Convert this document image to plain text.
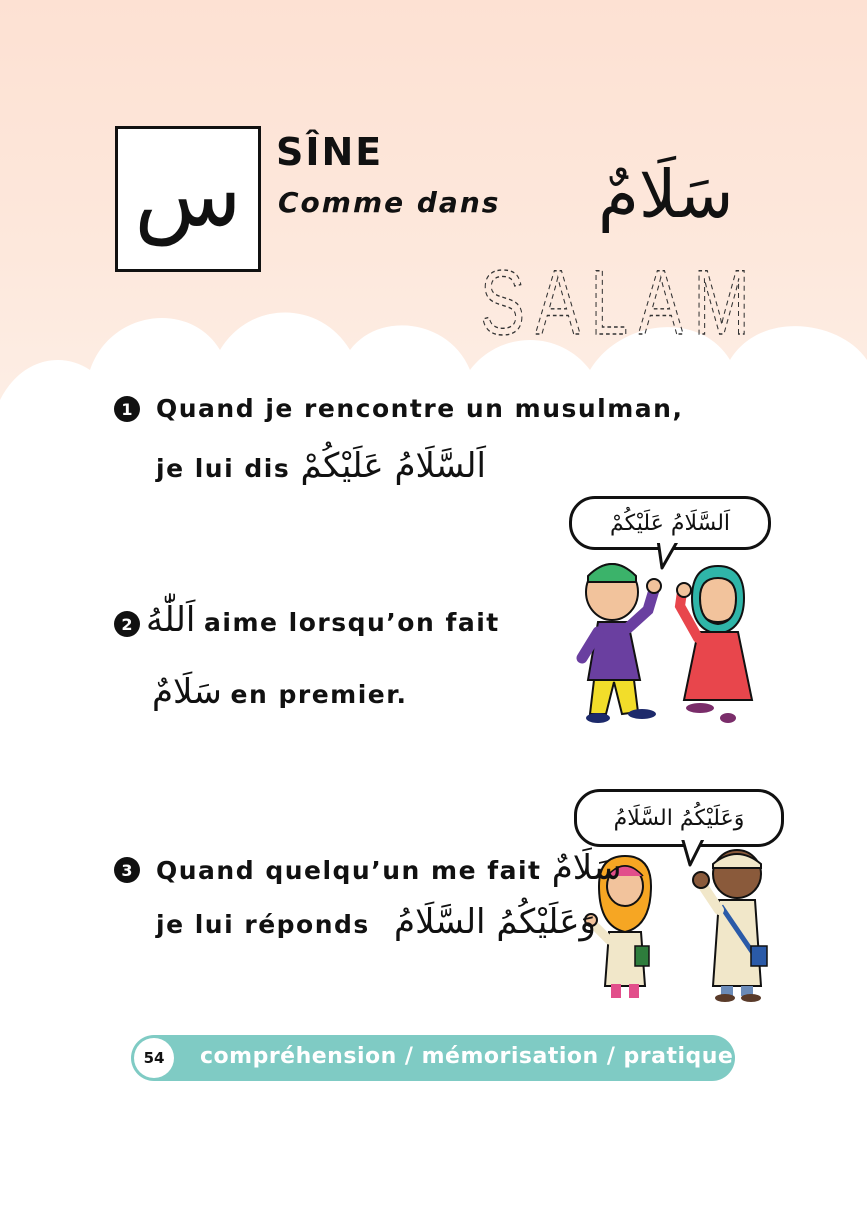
س SÎNE
Comme dans سَلَامٌ
SALAM
1 Quand je rencontre un musulman,
je lui dis اَلسَّلَامُ عَلَيْكُمْ
اَلسَّلَامُ عَلَيْكُمْ
2 اَللّٰهُ aime lorsqu’on fait
سَلَامٌ en premier.
وَعَلَيْكُمُ السَّلَامُ
3 Quand quelqu’un me fait سَلَامٌ
je lui réponds وَعَلَيْكُمُ السَّلَامُ
54	compréhension / mémorisation / pratique
